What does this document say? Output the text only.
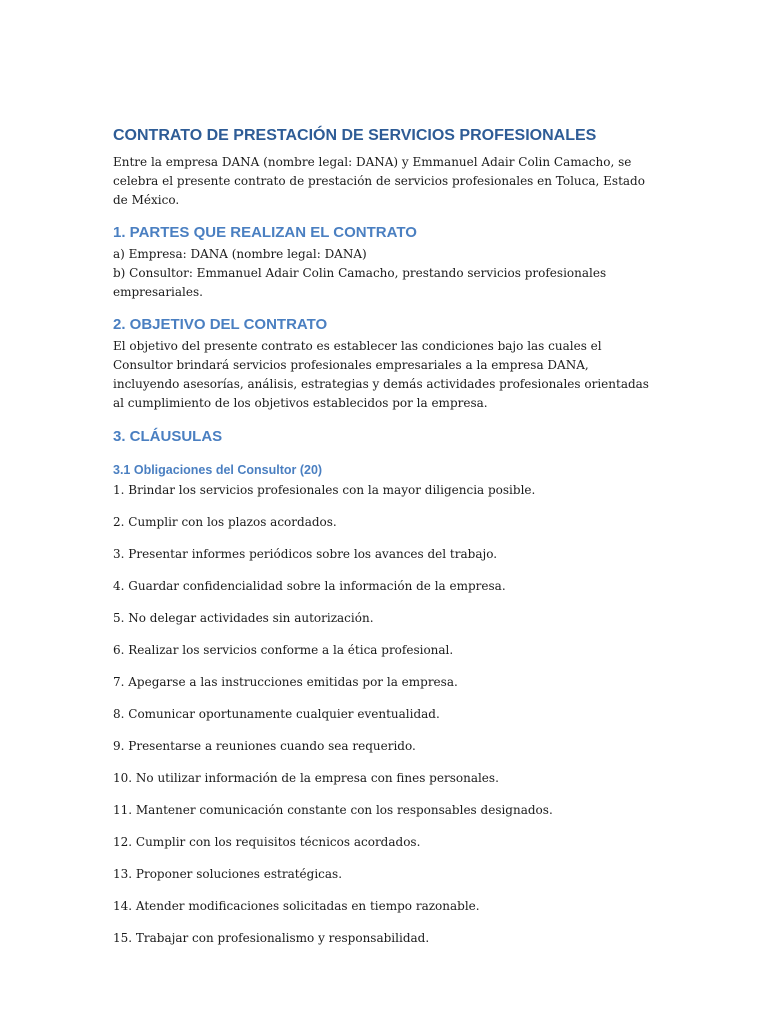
CONTRATO DE PRESTACIÓN DE SERVICIOS PROFESIONALES

Entre la empresa DANA (nombre legal: DANA) y Emmanuel Adair Colin Camacho, se celebra el presente contrato de prestación de servicios profesionales en Toluca, Estado de México.

1. PARTES QUE REALIZAN EL CONTRATO

a) Empresa: DANA (nombre legal: DANA)

b) Consultor: Emmanuel Adair Colin Camacho, prestando servicios profesionales empresariales.

2. OBJETIVO DEL CONTRATO

El objetivo del presente contrato es establecer las condiciones bajo las cuales el Consultor brindará servicios profesionales empresariales a la empresa DANA, incluyendo asesorías, análisis, estrategias y demás actividades profesionales orientadas al cumplimiento de los objetivos establecidos por la empresa.

3. CLÁUSULAS
3.1 Obligaciones del Consultor (20)
1. Brindar los servicios profesionales con la mayor diligencia posible.
2. Cumplir con los plazos acordados.
3. Presentar informes periódicos sobre los avances del trabajo.
4. Guardar confidencialidad sobre la información de la empresa.
5. No delegar actividades sin autorización.
6. Realizar los servicios conforme a la ética profesional.
7. Apegarse a las instrucciones emitidas por la empresa.
8. Comunicar oportunamente cualquier eventualidad.
9. Presentarse a reuniones cuando sea requerido.
10. No utilizar información de la empresa con fines personales.
11. Mantener comunicación constante con los responsables designados.
12. Cumplir con los requisitos técnicos acordados.
13. Proponer soluciones estratégicas.
14. Atender modificaciones solicitadas en tiempo razonable.
15. Trabajar con profesionalismo y responsabilidad.
